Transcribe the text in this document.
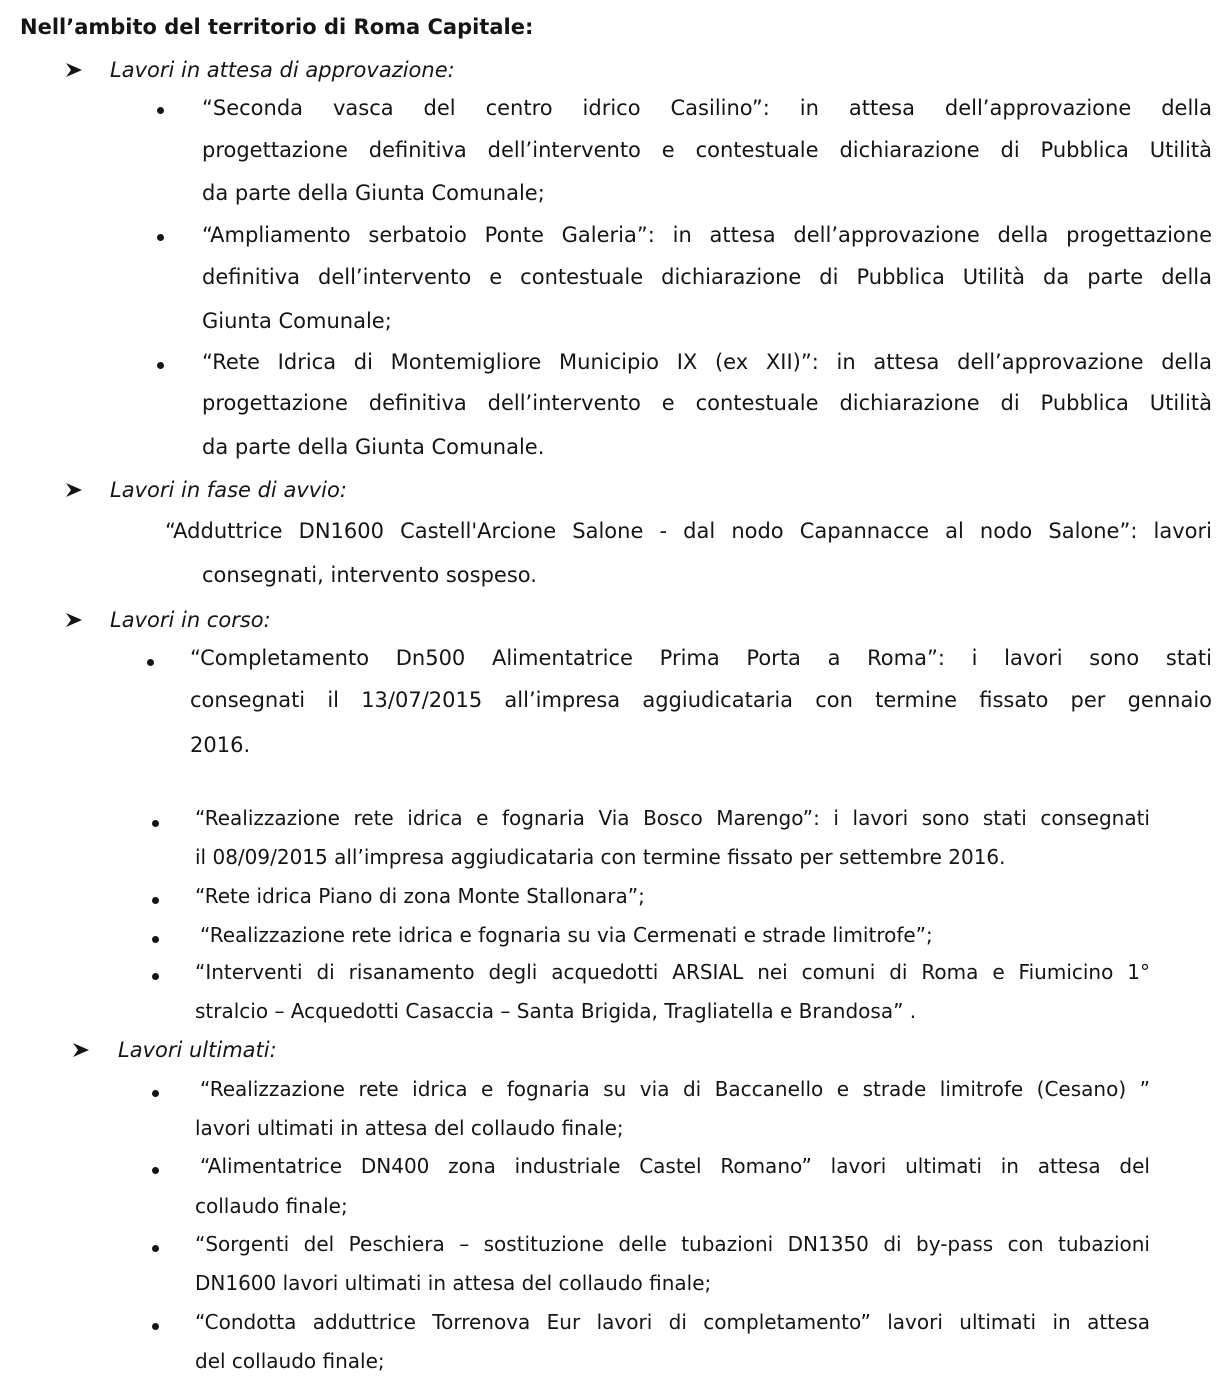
Nell’ambito del territorio di Roma Capitale:
Lavori in attesa di approvazione:
“Seconda vasca del centro idrico Casilino”: in attesa dell’approvazione della
progettazione definitiva dell’intervento e contestuale dichiarazione di Pubblica Utilità
da parte della Giunta Comunale;
“Ampliamento serbatoio Ponte Galeria”: in attesa dell’approvazione della progettazione
definitiva dell’intervento e contestuale dichiarazione di Pubblica Utilità da parte della
Giunta Comunale;
“Rete Idrica di Montemigliore Municipio IX (ex XII)”: in attesa dell’approvazione della
progettazione definitiva dell’intervento e contestuale dichiarazione di Pubblica Utilità
da parte della Giunta Comunale.
Lavori in fase di avvio:
“Adduttrice DN1600 Castell'Arcione Salone - dal nodo Capannacce al nodo Salone”: lavori
consegnati, intervento sospeso.
Lavori in corso:
“Completamento Dn500 Alimentatrice Prima Porta a Roma”: i lavori sono stati
consegnati il 13/07/2015 all’impresa aggiudicataria con termine fissato per gennaio
2016.
“Realizzazione rete idrica e fognaria Via Bosco Marengo”: i lavori sono stati consegnati
il 08/09/2015 all’impresa aggiudicataria con termine fissato per settembre 2016.
“Rete idrica Piano di zona Monte Stallonara”;
“Realizzazione rete idrica e fognaria su via Cermenati e strade limitrofe”;
“Interventi di risanamento degli acquedotti ARSIAL nei comuni di Roma e Fiumicino 1°
stralcio – Acquedotti Casaccia – Santa Brigida, Tragliatella e Brandosa” .
Lavori ultimati:
“Realizzazione rete idrica e fognaria su via di Baccanello e strade limitrofe (Cesano) ”
lavori ultimati in attesa del collaudo finale;
“Alimentatrice DN400 zona industriale Castel Romano” lavori ultimati in attesa del
collaudo finale;
“Sorgenti del Peschiera – sostituzione delle tubazioni DN1350 di by-pass con tubazioni
DN1600 lavori ultimati in attesa del collaudo finale;
“Condotta adduttrice Torrenova Eur lavori di completamento” lavori ultimati in attesa
del collaudo finale;
